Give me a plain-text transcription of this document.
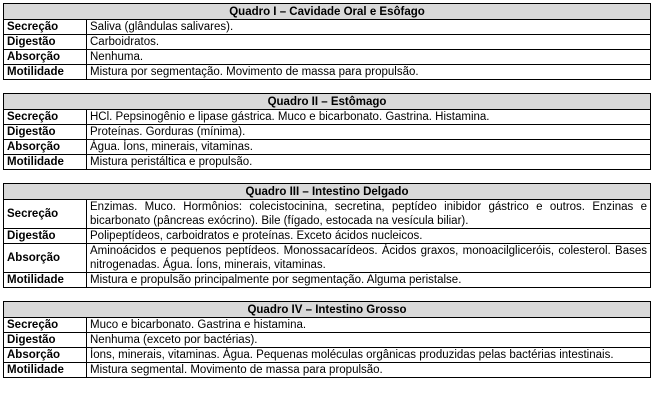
Quadro I – Cavidade Oral e Esôfago	
Secreção	Saliva (glândulas salivares).
Digestão	Carboidratos.
Absorção	Nenhuma.
Motilidade	Mistura por segmentação. Movimento de massa para propulsão.
Quadro II – Estômago	
Secreção	HCl. Pepsinogênio e lipase gástrica. Muco e bicarbonato. Gastrina. Histamina.
Digestão	Proteínas. Gorduras (mínima).
Absorção	Água. Íons, minerais, vitaminas.
Motilidade	Mistura peristáltica e propulsão.
Quadro III – Intestino Delgado	
Secreção	Enzimas. Muco. Hormônios: colecistocinina, secretina, peptídeo inibidor gástrico e outros. Enzinas e bicarbonato (pâncreas exócrino). Bile (fígado, estocada na vesícula biliar).
Digestão	Polipeptídeos, carboidratos e proteínas. Exceto ácidos nucleicos.
Absorção	Aminoácidos e pequenos peptídeos. Monossacarídeos. Ácidos graxos, monoacilgliceróis, colesterol. Bases nitrogenadas. Água. Íons, minerais, vitaminas.
Motilidade	Mistura e propulsão principalmente por segmentação. Alguma peristalse.
Quadro IV – Intestino Grosso	
Secreção	Muco e bicarbonato. Gastrina e histamina.
Digestão	Nenhuma (exceto por bactérias).
Absorção	Íons, minerais, vitaminas. Água. Pequenas moléculas orgânicas produzidas pelas bactérias intestinais.
Motilidade	Mistura segmental. Movimento de massa para propulsão.
